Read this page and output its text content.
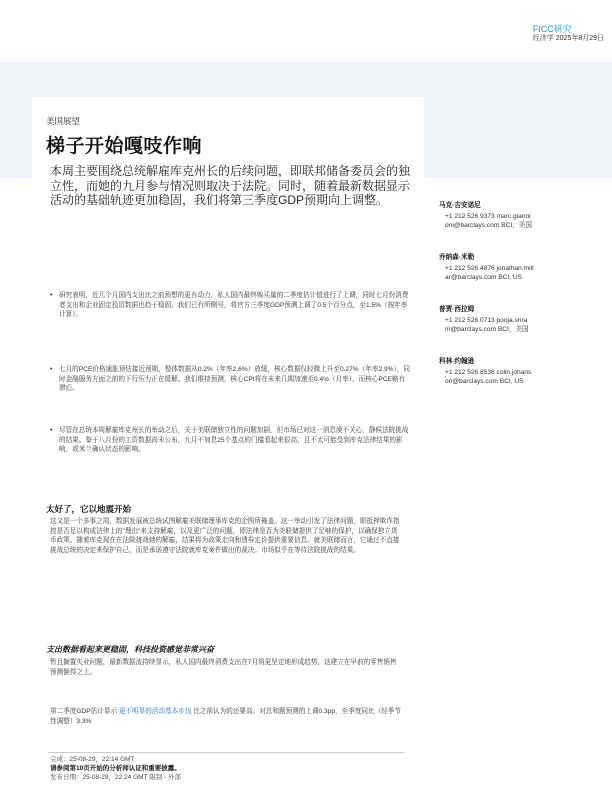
FICC研究
经济学 2025年8月29日
美国展望
梯子开始嘎吱作响
本周主要围绕总统解雇库克州长的后续问题，即联邦储备委员会的独立性，而她的九月参与情况则取决于法院。同时，随着最新数据显示活动的基础轨迹更加稳固，我们将第三季度GDP预期向上调整。
• 研究表明，近几个月国内支出比之前预想的更有动力，私人国内最终购买量的二季度估计值进行了上调，同时七月份消费者支出和企业固定投资数据也趋于稳固。我们已有所侧号，将官方三季度GDP预测上调了0.5个百分点，至1.5%（按年率计算）。
• 七月的PCE价格通胀预估接近预期，整体数据从0.2%（年率2.6%）放缓，核心数据仅轻微上升至0.27%（年率2.9%），同时金融服务方面之前的下行压力正在缓解。我们维持预测，核心CPI将在未来几期加速至0.4%（月率），而核心PCE略有滞后。
• 尽管在总统本周解雇库克州长的举动之后，关于美联储独立性的问题加剧，但市场已对这一消息漠不关心，静候法院挑战的结果。鉴于八月份的工资数据尚未公布，九月不加息25个基点的门槛看起来很高，且不太可能受到库克法律结果的影响，或米兰确认状态的影响。
太好了，它以地震开始
这又是一个多事之周，数据发展被总统试图解雇美联储理事库克的企图所掩盖。这一举动引发了法律问题，即抵押欺诈指控是否足以构成法律上的"理由"来支持解雇，以及更广泛的问题，即法律是否为美联储提供了足够的保护，以确保独立货币政策。随着库克现在在法院挑战她的解雇，结果将为政策走向和透券定价提供重要信息。就美联储而言，它通过不直接挑战总统的决定来保护自己，而是承诺遵守法院就库克案件做出的裁决。市场似乎在等待法院挑战的结果。
支出数据看起来更稳固，科技投资感觉非常兴奋
暂且搁置失业问题，最新数据流持续显示，私人国内最终消费支出在7月将更坚定地形成趋势，这建立在早前的零售销售预测倒得之上。
第二季度GDP估计显示 更不明显的活动基本步伐 比之前认为的还要高。对总和题预测的上调0.3pp，至季度同比（经季节性调整）3.3%
马克·吉安诺尼
+1 212 526 9373 marc.gianni
oni@barclays.com BCI，美国
乔纳森·米勒
+1 212 526 4876 jonathan.mill
ar@barclays.com BCI, US
普贾·西拉姆
+1 212 526 0713 pooja.srira
m@barclays.com BCI，美国
科林·约翰逊
+1 212 526 8536 colin.johans
on@barclays.com BCI, US
完成：25-08-29，22:14 GMT
请参阅第10页开始的分析师认证和重要披露。
发布日期：25-08-29，22:24 GMT 限制 - 外部
